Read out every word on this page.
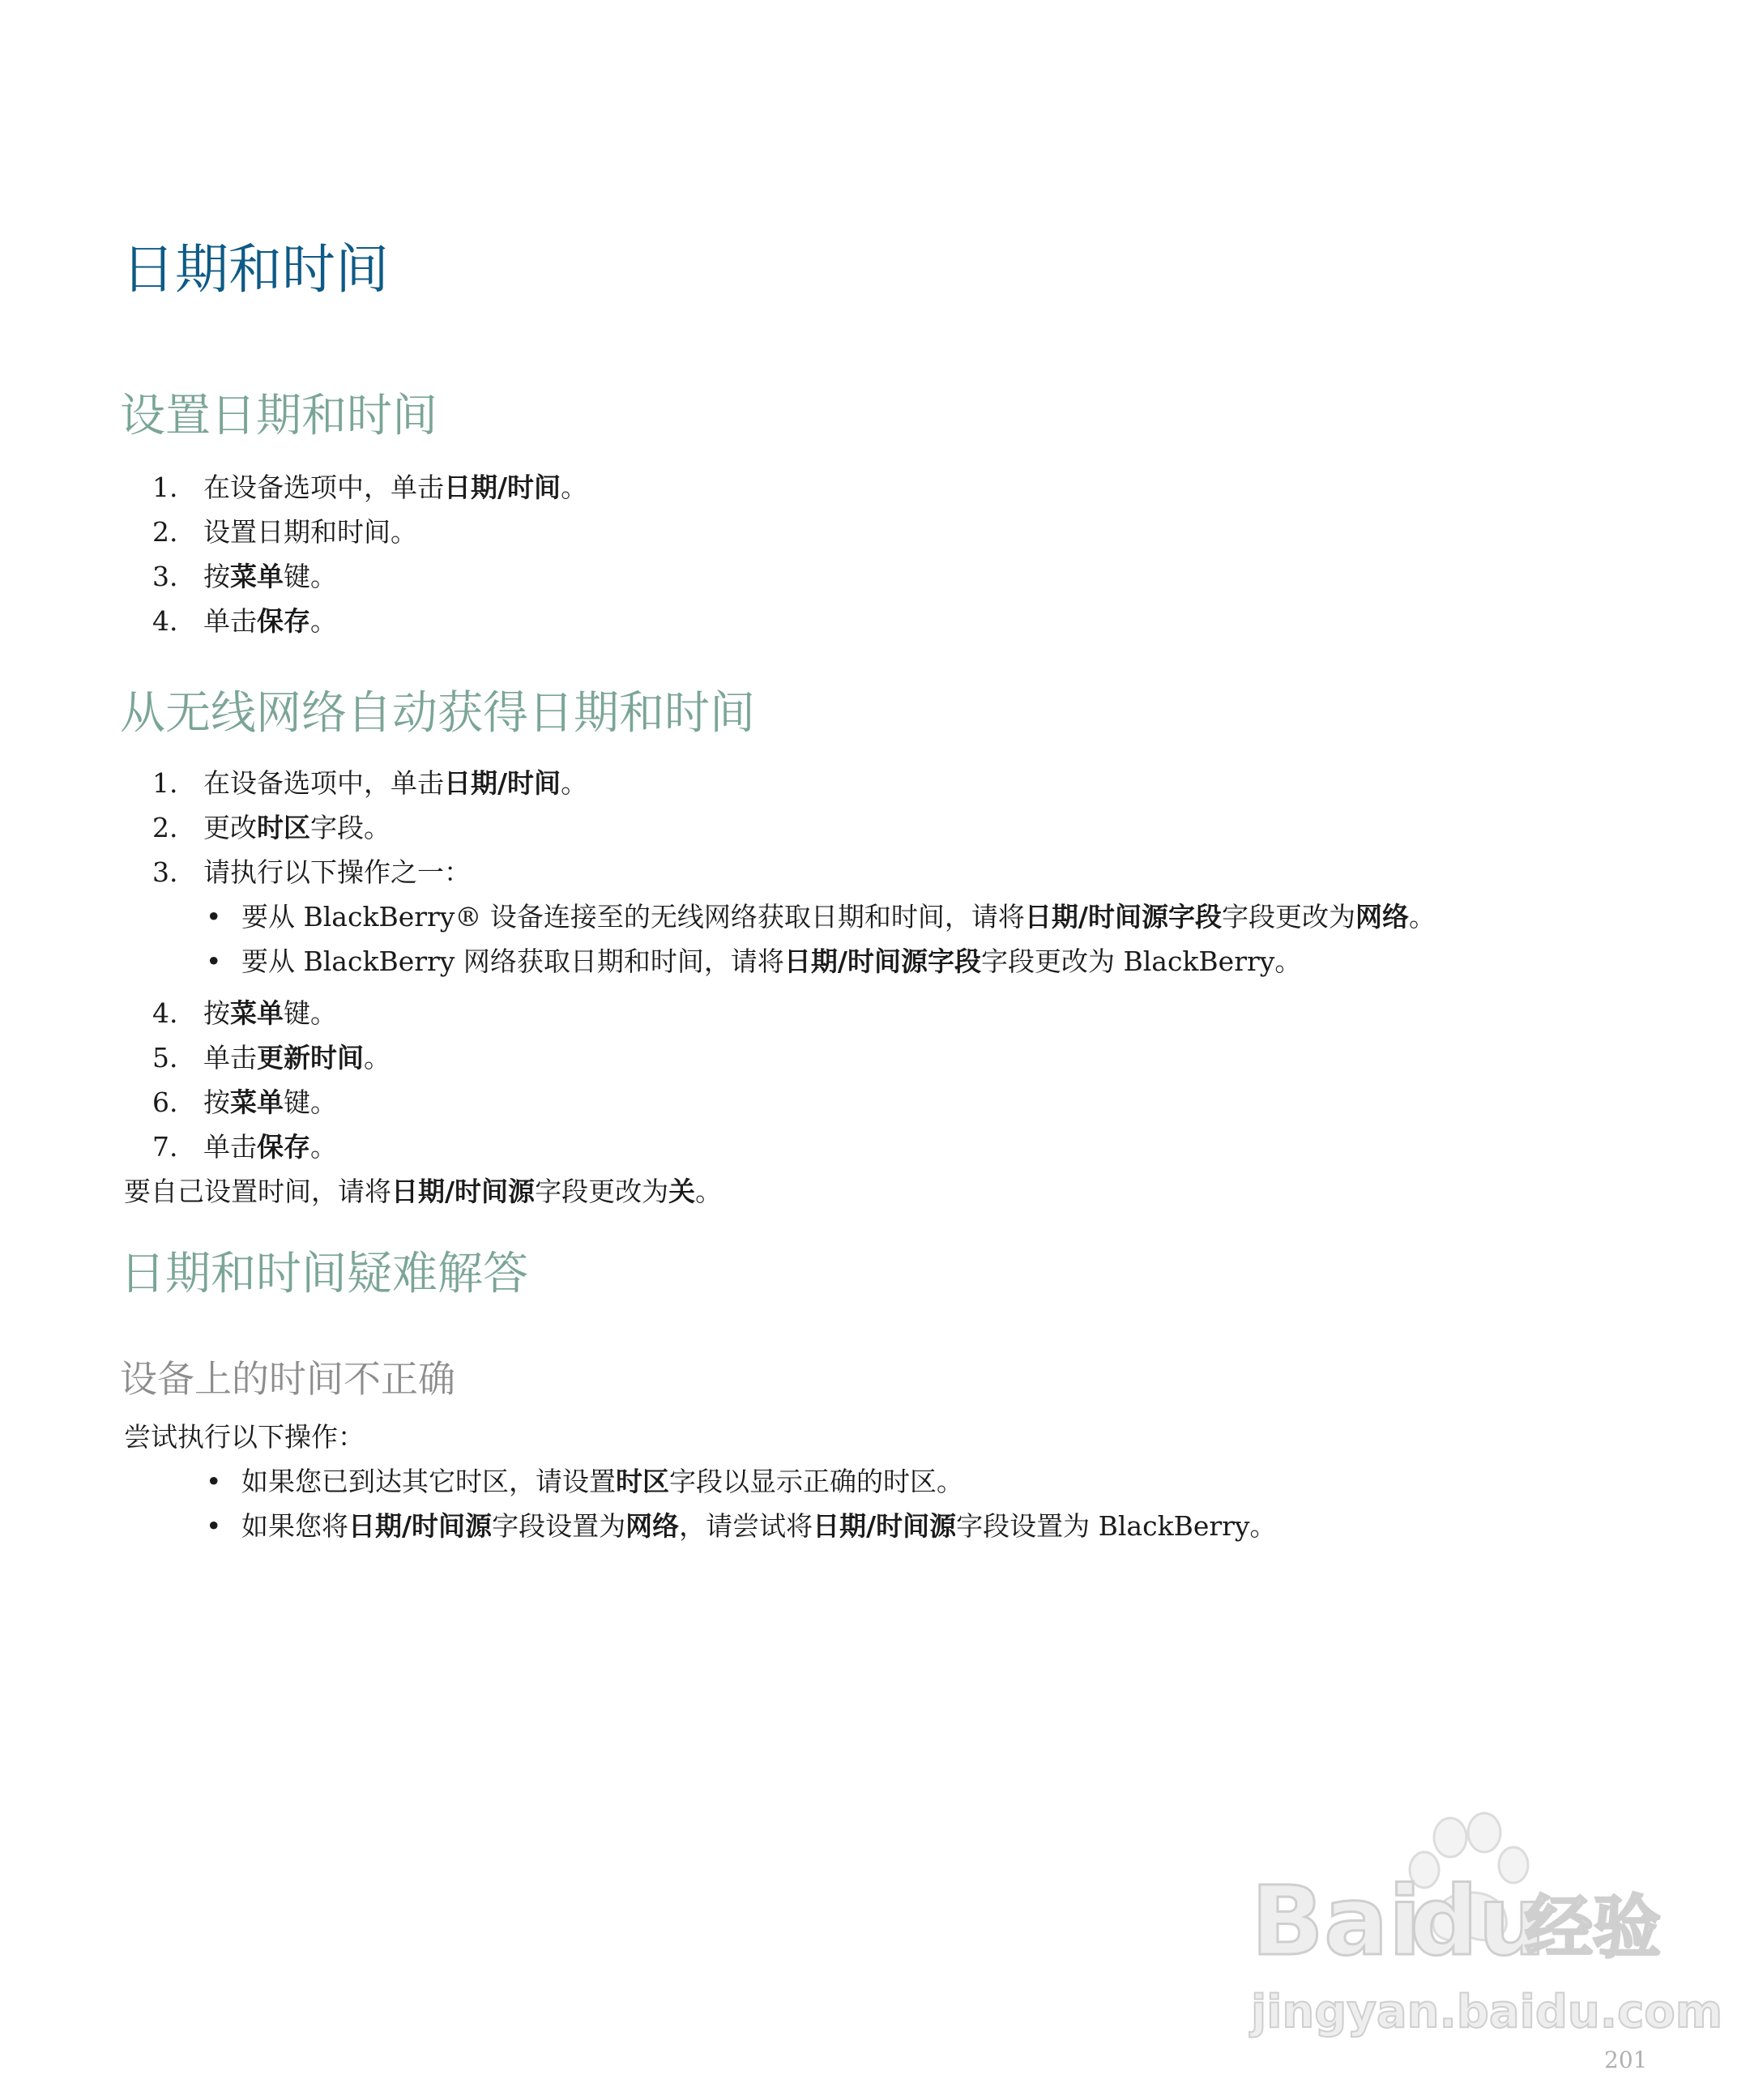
日期和时间
设置日期和时间
1. 在设备选项中，单击日期/时间。
2. 设置日期和时间。
3. 按菜单键。
4. 单击保存。
从无线网络自动获得日期和时间
1. 在设备选项中，单击日期/时间。
2. 更改时区字段。
3. 请执行以下操作之一：
• 要从 BlackBerry® 设备连接至的无线网络获取日期和时间，请将日期/时间源字段字段更改为网络。
• 要从 BlackBerry 网络获取日期和时间，请将日期/时间源字段字段更改为 BlackBerry。
4. 按菜单键。
5. 单击更新时间。
6. 按菜单键。
7. 单击保存。
要自己设置时间，请将日期/时间源字段更改为关。
日期和时间疑难解答
设备上的时间不正确
尝试执行以下操作：
• 如果您已到达其它时区，请设置时区字段以显示正确的时区。
• 如果您将日期/时间源字段设置为网络，请尝试将日期/时间源字段设置为 BlackBerry。
Bai
du
经验
jingyan.baidu.com
201
